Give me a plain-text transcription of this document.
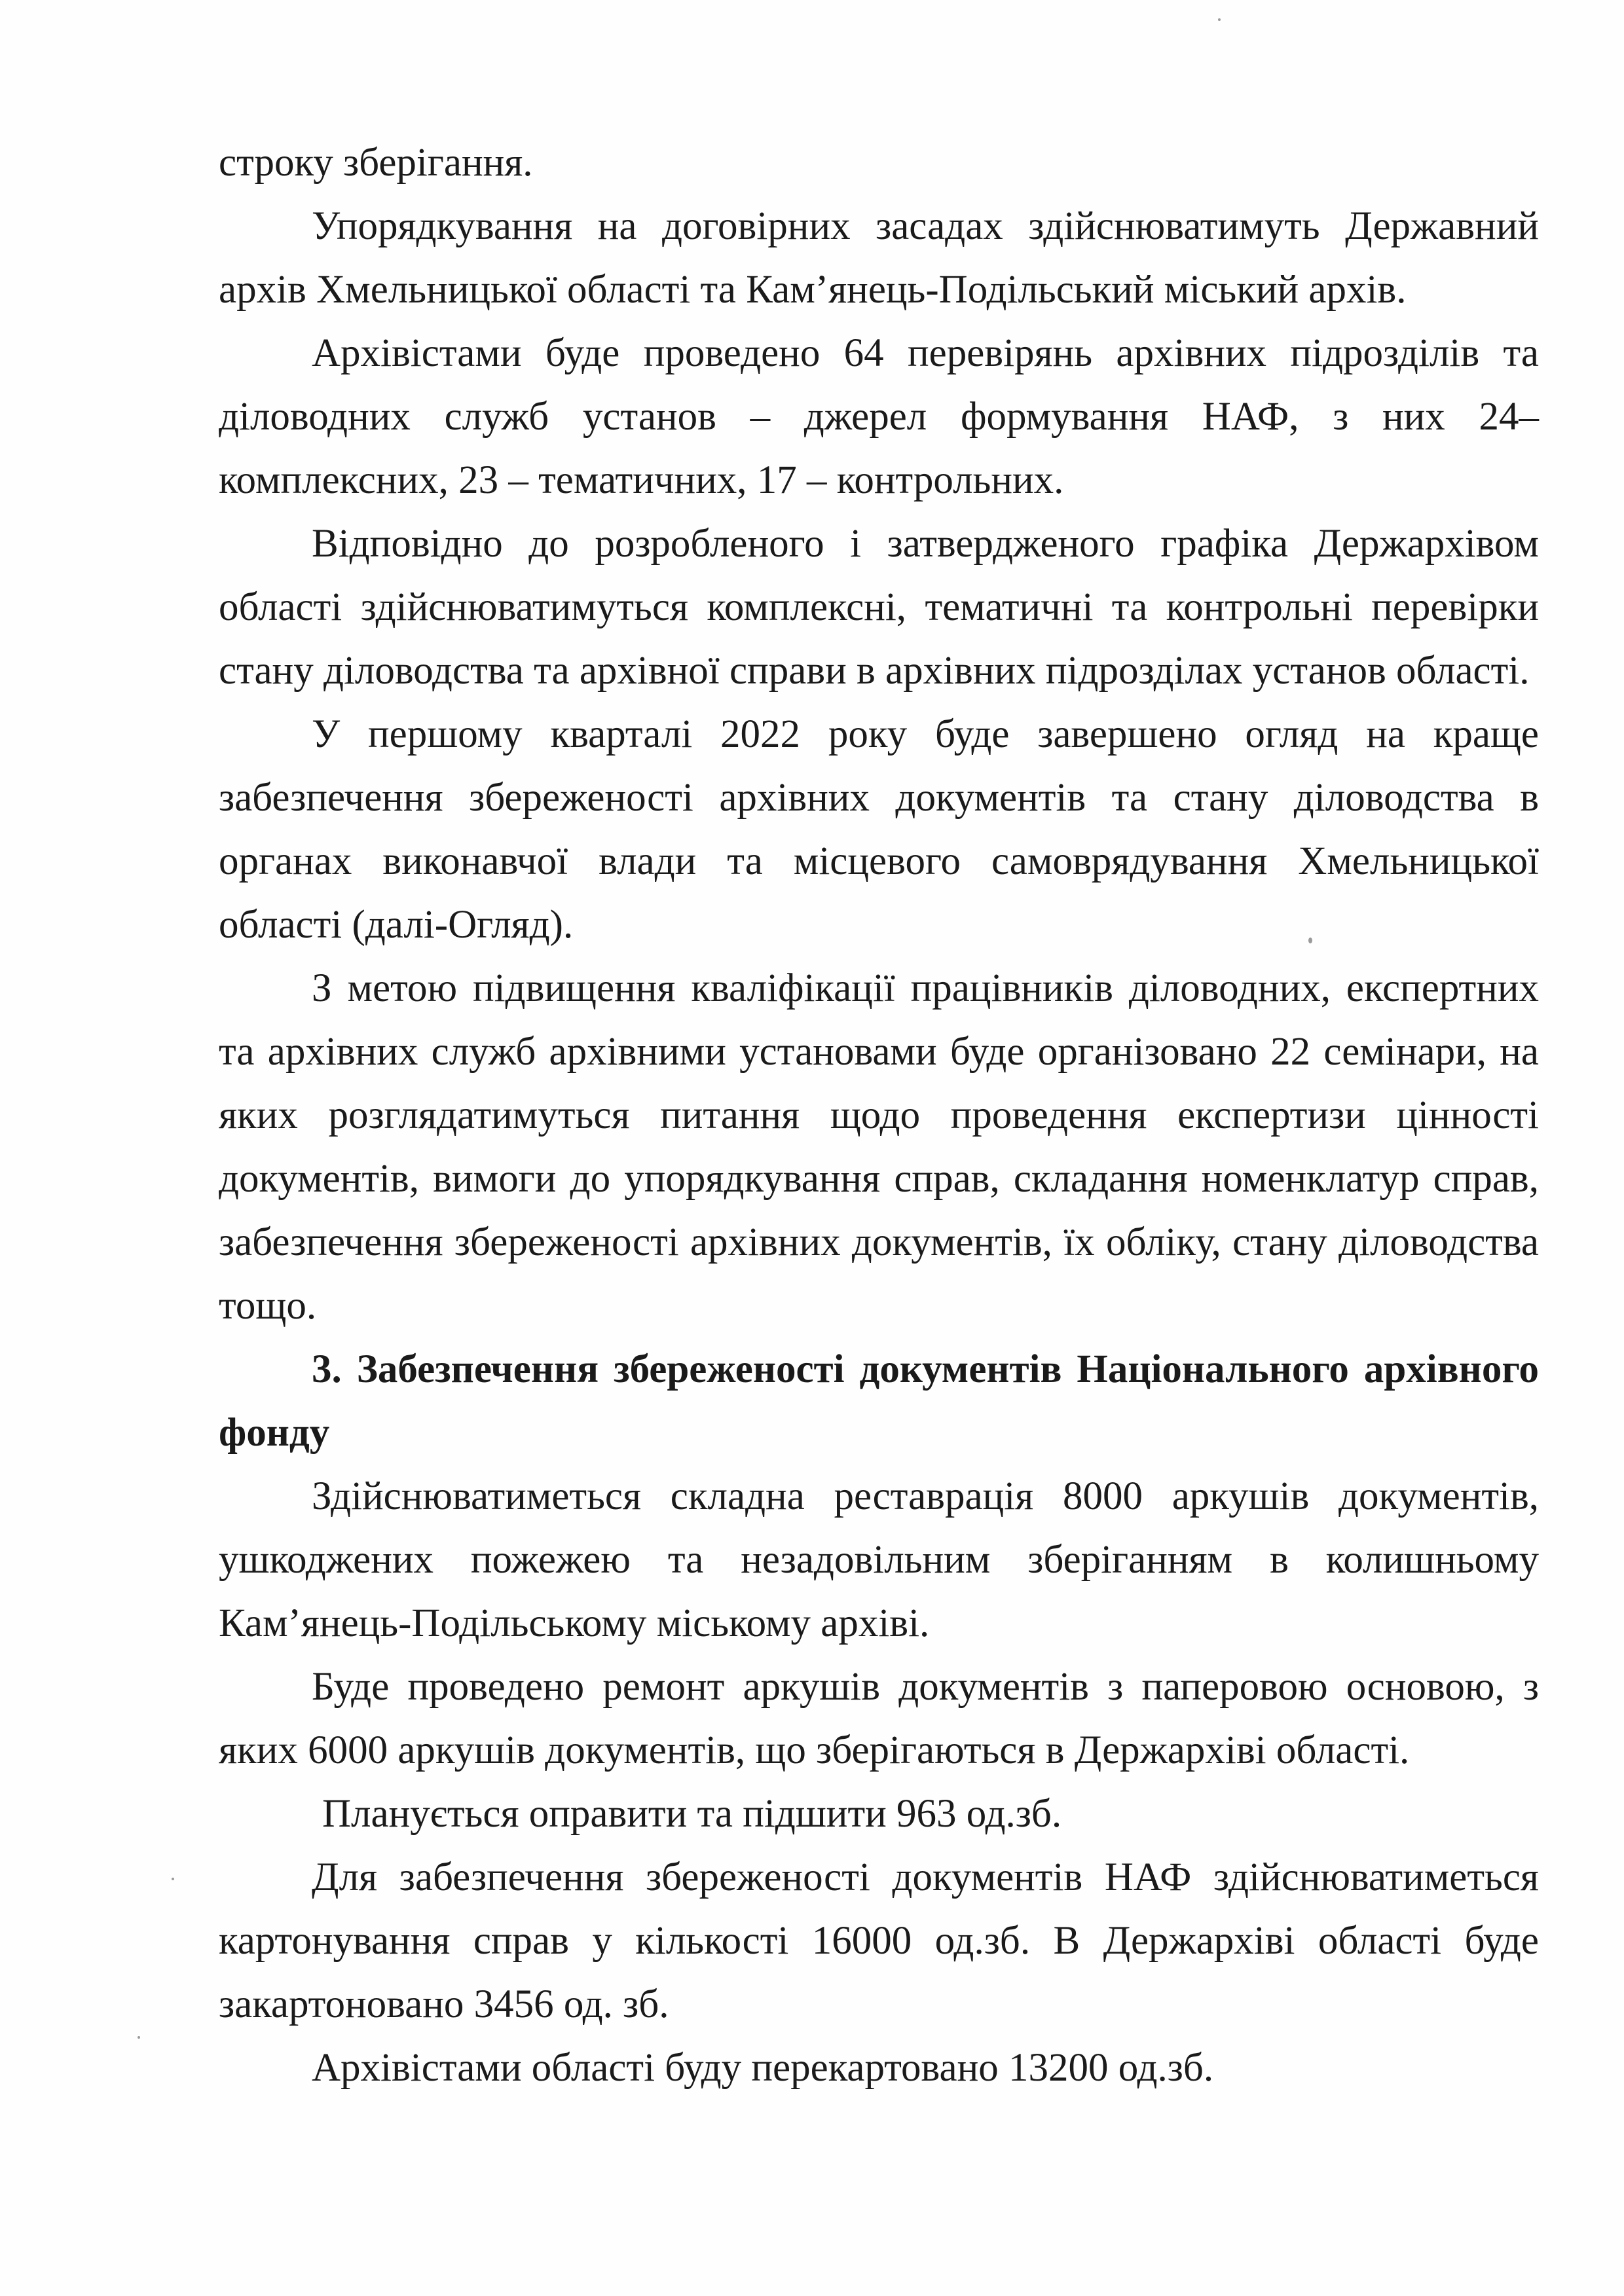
строку зберігання.

Упорядкування на договірних засадах здійснюватимуть Державний архів Хмельницької області та Кам’янець-Подільський міський архів.

Архівістами буде проведено 64 перевірянь архівних підрозділів та діловодних служб установ – джерел формування НАФ, з них 24– комплексних, 23 – тематичних, 17 – контрольних.

Відповідно до розробленого і затвердженого графіка Держархівом області здійснюватимуться комплексні, тематичні та контрольні перевірки стану діловодства та архівної справи в архівних підрозділах установ області.

У першому кварталі 2022 року буде завершено огляд на краще забезпечення збереженості архівних документів та стану діловодства в органах виконавчої влади та місцевого самоврядування Хмельницької області (далі-Огляд).

З метою підвищення кваліфікації працівників діловодних, експертних та архівних служб архівними установами буде організовано 22 семінари, на яких розглядатимуться питання щодо проведення експертизи цінності документів, вимоги до упорядкування справ, складання номенклатур справ, забезпечення збереженості архівних документів, їх обліку, стану діловодства тощо.

3. Забезпечення збереженості документів Національного архівного фонду

Здійснюватиметься складна реставрація 8000 аркушів документів, ушкоджених пожежею та незадовільним зберіганням в колишньому Кам’янець-Подільському міському архіві.

Буде проведено ремонт аркушів документів з паперовою основою, з яких 6000 аркушів документів, що зберігаються в Держархіві області.

Планується оправити та підшити 963 од.зб.

Для забезпечення збереженості документів НАФ здійснюватиметься картонування справ у кількості 16000 од.зб. В Держархіві області буде закартоновано 3456 од. зб.

Архівістами області буду перекартовано 13200 од.зб.
